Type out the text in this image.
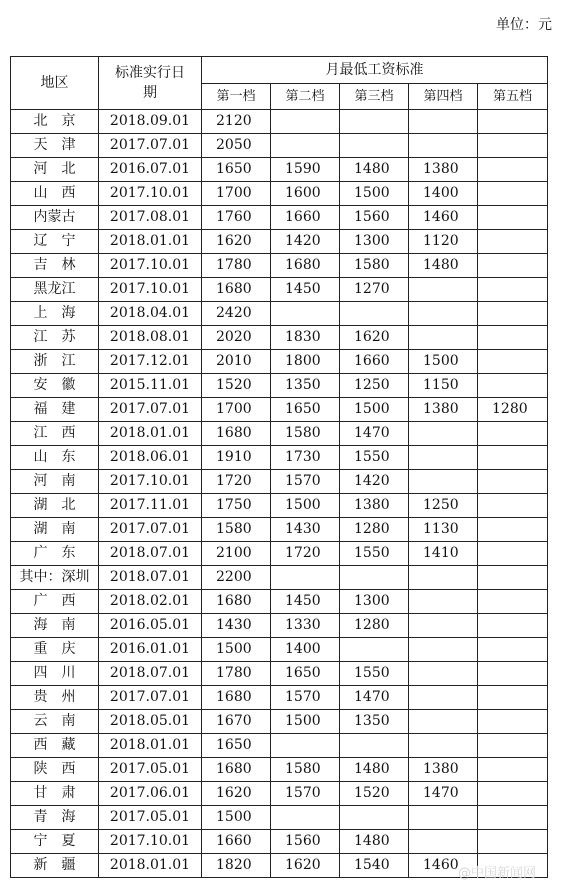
单位：元
地区	标准实行日期	月最低工资标准				
		第一档	第二档	第三档	第四档	第五档
北　京	2018.09.01	2120				
天　津	2017.07.01	2050				
河　北	2016.07.01	1650	1590	1480	1380	
山　西	2017.10.01	1700	1600	1500	1400	
内蒙古	2017.08.01	1760	1660	1560	1460	
辽　宁	2018.01.01	1620	1420	1300	1120	
吉　林	2017.10.01	1780	1680	1580	1480	
黑龙江	2017.10.01	1680	1450	1270		
上　海	2018.04.01	2420				
江　苏	2018.08.01	2020	1830	1620		
浙　江	2017.12.01	2010	1800	1660	1500	
安　徽	2015.11.01	1520	1350	1250	1150	
福　建	2017.07.01	1700	1650	1500	1380	1280
江　西	2018.01.01	1680	1580	1470		
山　东	2018.06.01	1910	1730	1550		
河　南	2017.10.01	1720	1570	1420		
湖　北	2017.11.01	1750	1500	1380	1250	
湖　南	2017.07.01	1580	1430	1280	1130	
广　东	2018.07.01	2100	1720	1550	1410	
其中：深圳	2018.07.01	2200				
广　西	2018.02.01	1680	1450	1300		
海　南	2016.05.01	1430	1330	1280		
重　庆	2016.01.01	1500	1400			
四　川	2018.07.01	1780	1650	1550		
贵　州	2017.07.01	1680	1570	1470		
云　南	2018.05.01	1670	1500	1350		
西　藏	2018.01.01	1650				
陕　西	2017.05.01	1680	1580	1480	1380	
甘　肃	2017.06.01	1620	1570	1520	1470	
青　海	2017.05.01	1500				
宁　夏	2017.10.01	1660	1560	1480		
新　疆	2018.01.01	1820	1620	1540	1460	
@中国新闻网
